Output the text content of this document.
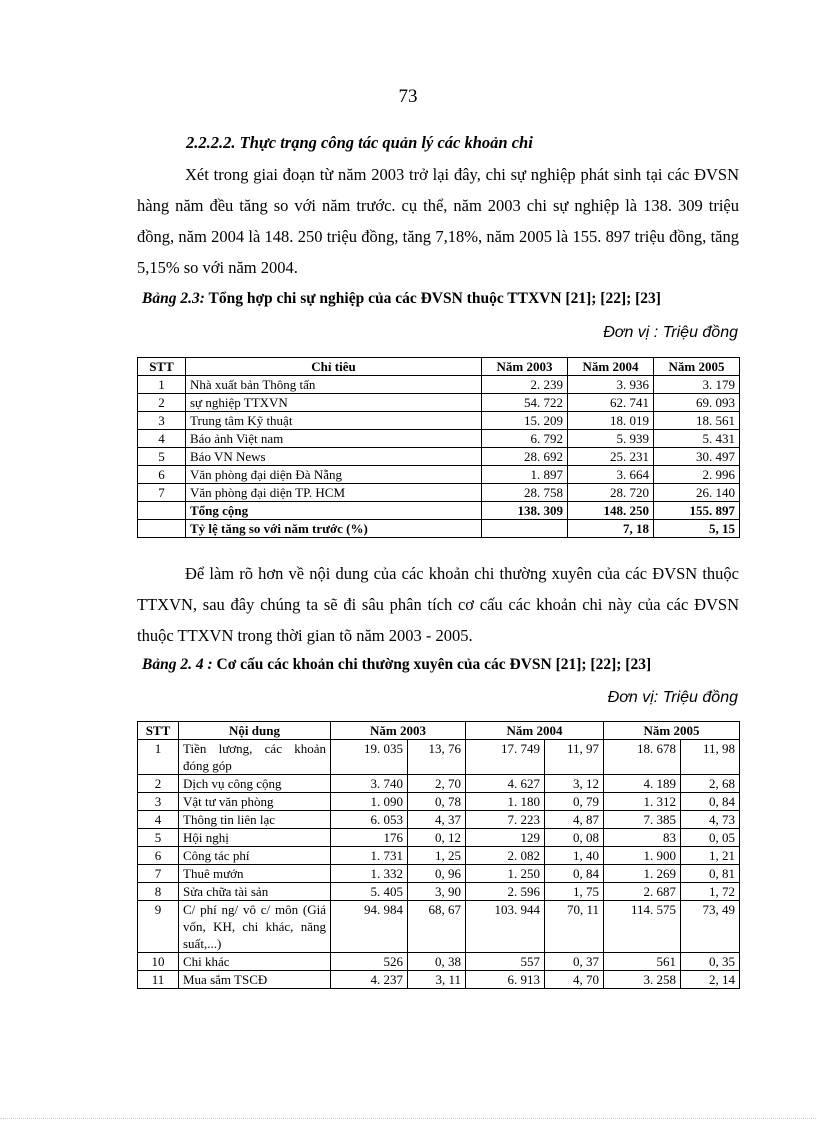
73
2.2.2.2. Thực trạng công tác quản lý các khoản chi

Xét trong giai đoạn từ năm 2003 trở lại đây, chi sự nghiệp phát sinh tại các ĐVSN hàng năm đều tăng so với năm trước. cụ thể, năm 2003 chi sự nghiệp là 138. 309 triệu đồng, năm 2004 là 148. 250 triệu đồng, tăng 7,18%, năm 2005 là 155. 897 triệu đồng, tăng 5,15% so với năm 2004.

Bảng 2.3: Tổng hợp chi sự nghiệp của các ĐVSN thuộc TTXVN [21]; [22]; [23]
Đơn vị : Triệu đồng
STT	Chỉ tiêu	Năm 2003	Năm 2004	Năm 2005
1	Nhà xuất bản Thông tấn	2. 239	3. 936	3. 179
2	sự nghiệp TTXVN	54. 722	62. 741	69. 093
3	Trung tâm Kỹ thuật	15. 209	18. 019	18. 561
4	Báo ảnh Việt nam	6. 792	5. 939	5. 431
5	Báo VN News	28. 692	25. 231	30. 497
6	Văn phòng đại diện Đà Nẵng	1. 897	3. 664	2. 996
7	Văn phòng đại diện TP. HCM	28. 758	28. 720	26. 140
	Tổng cộng	138. 309	148. 250	155. 897
	Tỷ lệ tăng so với năm trước (%)		7, 18	5, 15

Để làm rõ hơn về nội dung của các khoản chi thường xuyên của các ĐVSN thuộc TTXVN, sau đây chúng ta sẽ đi sâu phân tích cơ cấu các khoản chi này của các ĐVSN thuộc TTXVN trong thời gian tõ năm 2003 - 2005.

Bảng 2. 4 : Cơ cấu các khoản chi thường xuyên của các ĐVSN [21]; [22]; [23]
Đơn vị: Triệu đồng
STT	Nội dung	Năm 2003		Năm 2004		Năm 2005	
1	Tiền lương, các khoản đóng góp	19. 035	13, 76	17. 749	11, 97	18. 678	11, 98
2	Dịch vụ công cộng	3. 740	2, 70	4. 627	3, 12	4. 189	2, 68
3	Vật tư văn phòng	1. 090	0, 78	1. 180	0, 79	1. 312	0, 84
4	Thông tin liên lạc	6. 053	4, 37	7. 223	4, 87	7. 385	4, 73
5	Hội nghị	176	0, 12	129	0, 08	83	0, 05
6	Công tác phí	1. 731	1, 25	2. 082	1, 40	1. 900	1, 21
7	Thuê mướn	1. 332	0, 96	1. 250	0, 84	1. 269	0, 81
8	Sửa chữa tài sản	5. 405	3, 90	2. 596	1, 75	2. 687	1, 72
9	C/ phí ng/ vô c/ môn (Giá vốn, KH, chi khác, năng suất,...)	94. 984	68, 67	103. 944	70, 11	114. 575	73, 49
10	Chi khác	526	0, 38	557	0, 37	561	0, 35
11	Mua sắm TSCĐ	4. 237	3, 11	6. 913	4, 70	3. 258	2, 14
